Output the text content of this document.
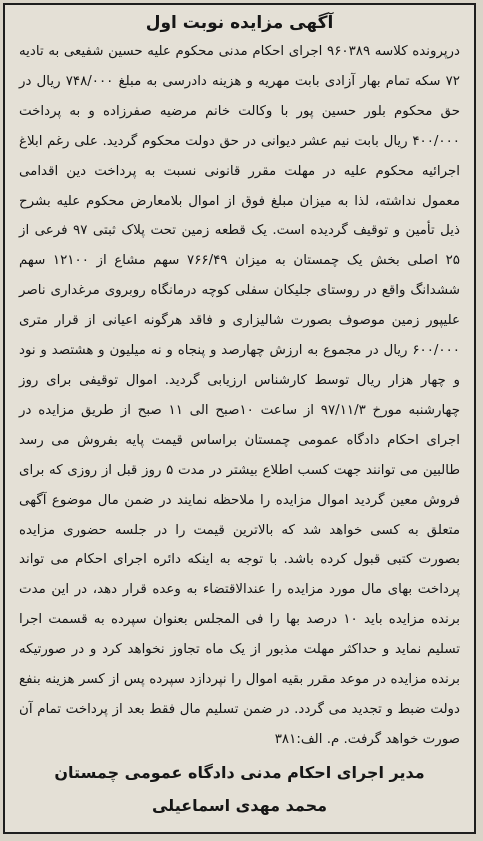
آگهی مزایده نوبت اول

درپرونده کلاسه ۹۶۰۳۸۹ اجرای احکام مدنی محکوم علیه حسین شفیعی به تادیه ۷۲ سکه تمام بهار آزادی بابت مهریه و هزینه دادرسی به مبلغ ۷۴۸/۰۰۰ ریال در حق محکوم بلور حسین پور با وکالت خانم مرضیه صفرزاده و به پرداخت ۴۰۰/۰۰۰ ریال بابت نیم عشر دیوانی در حق دولت محکوم گردید. علی رغم ابلاغ اجرائیه محکوم علیه در مهلت مقرر قانونی نسبت به پرداخت دین اقدامی معمول نداشته، لذا به میزان مبلغ فوق از اموال بلامعارض محکوم علیه بشرح ذیل تأمین و توقیف گردیده است. یک قطعه زمین تحت پلاک ثبتی ۹۷ فرعی از ۲۵ اصلی بخش یک چمستان به میزان ۷۶۶/۴۹ سهم مشاع از ۱۲۱۰۰ سهم ششدانگ واقع در روستای جلیکان سفلی کوچه درمانگاه روبروی مرغداری ناصر علیپور زمین موصوف بصورت شالیزاری و فاقد هرگونه اعیانی از قرار متری ۶۰۰/۰۰۰ ریال در مجموع به ارزش چهارصد و پنجاه و نه میلیون و هشتصد و نود و چهار هزار ریال توسط کارشناس ارزیابی گردید. اموال توقیفی برای روز چهارشنبه مورخ ۹۷/۱۱/۳ از ساعت ۱۰صبح الی ۱۱ صبح از طریق مزایده در اجرای احکام دادگاه عمومی چمستان براساس قیمت پایه بفروش می رسد طالبین می توانند جهت کسب اطلاع بیشتر در مدت ۵ روز قبل از روزی که برای فروش معین گردید اموال مزایده را ملاحظه نمایند در ضمن مال موضوع آگهی متعلق به کسی خواهد شد که بالاترین قیمت را در جلسه حضوری مزایده بصورت کتبی قبول کرده باشد. با توجه به اینکه دائره اجرای احکام می تواند پرداخت بهای مال مورد مزایده را عندالاقتضاء به وعده قرار دهد، در این مدت برنده مزایده باید ۱۰ درصد بها را فی المجلس بعنوان سپرده به قسمت اجرا تسلیم نماید و حداکثر مهلت مذبور از یک ماه تجاوز نخواهد کرد و در صورتیکه برنده مزایده در موعد مقرر بقیه اموال را نپردازد سپرده پس از کسر هزینه بنفع دولت ضبط و تجدید می گردد. در ضمن تسلیم مال فقط بعد از پرداخت تمام آن صورت خواهد گرفت. م. الف:۳۸۱

مدیر اجرای احکام مدنی دادگاه عمومی چمستان
محمد مهدی اسماعیلی
